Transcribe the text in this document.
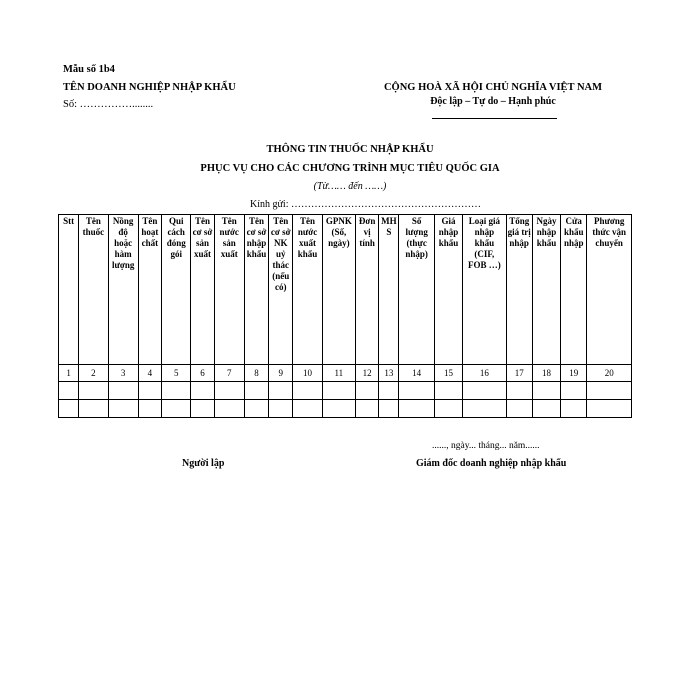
Mẫu số 1b4
TÊN DOANH NGHIỆP NHẬP KHẨU
Số: ……………........
CỘNG HOÀ XÃ HỘI CHỦ NGHĨA VIỆT NAM
Độc lập – Tự do – Hạnh phúc
THÔNG TIN THUỐC NHẬP KHẨU
PHỤC VỤ CHO CÁC CHƯƠNG TRÌNH MỤC TIÊU QUỐC GIA
(Từ…… đến ……)
Kính gửi: …………………………………………………
Stt	Tên thuốc	Nồng độ hoặc hàm lượng	Tên hoạt chất	Qui cách đóng gói	Tên cơ sở sản xuất	Tên nước sản xuất	Tên cơ sở nhập khẩu	Tên cơ sở NK uỷ thác (nếu có)	Tên nước xuất khẩu	GPNK (Số, ngày)	Đơn vị tính	MHS	Số lượng (thực nhập)	Giá nhập khẩu	Loại giá nhập khẩu (CIF, FOB …)	Tổng giá trị nhập	Ngày nhập khẩu	Cửa khẩu nhập	Phương thức vận chuyển
1	2	3	4	5	6	7	8	9	10	11	12	13	14	15	16	17	18	19	20

......, ngày... tháng... năm......
Người lập	Giám đốc doanh nghiệp nhập khẩu
